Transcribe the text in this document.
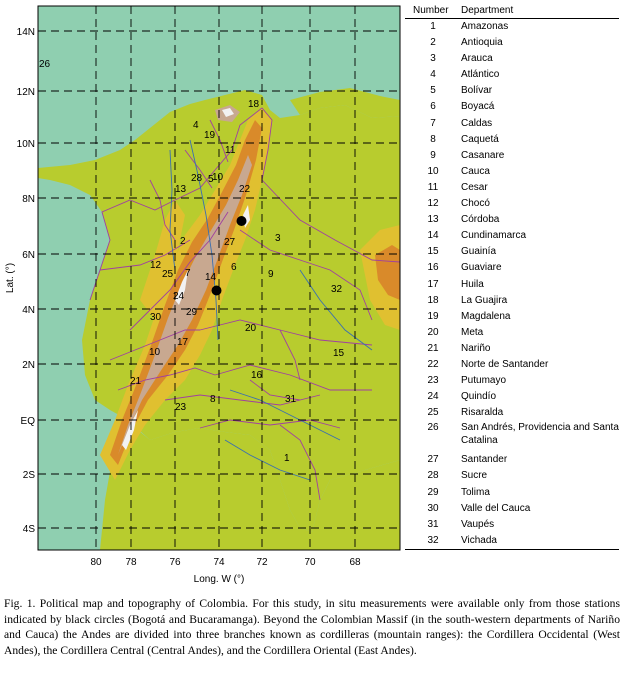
14N
12N
10N
8N
6N
4N
2N
EQ
2S
4S
80 78	76	74	72	70	68
Lat. (°)
Long. W (°)
1
2	3
4
5
6
7
8
9
10
10
11
12
13
14
15
16
17
18
19
20
21
22
23
24
25
26
27
28
29
30
31
32
Number	Department
1	Amazonas
2	Antioquia
3	Arauca
4	Atlántico
5	Bolívar
6	Boyacá
7	Caldas
8	Caquetá
9	Casanare
10	Cauca
11	Cesar
12	Chocó
13	Córdoba
14	Cundinamarca
15	Guainía
16	Guaviare
17	Huila
18	La Guajira
19	Magdalena
20	Meta
21	Nariño
22	Norte de Santander
23	Putumayo
24	Quindío
25	Risaralda
26	San Andrés, Providencia and Santa Catalina
27	Santander
28	Sucre
29	Tolima
30	Valle del Cauca
31	Vaupés
32	Vichada
Fig. 1. Political map and topography of Colombia. For this study, in situ measurements were available only from those stations indicated by black circles (Bogotá and Bucaramanga). Beyond the Colombian Massif (in the south-western departments of Nariño and Cauca) the Andes are divided into three branches known as cordilleras (mountain ranges): the Cordillera Occidental (West Andes), the Cordillera Central (Central Andes), and the Cordillera Oriental (East Andes).
